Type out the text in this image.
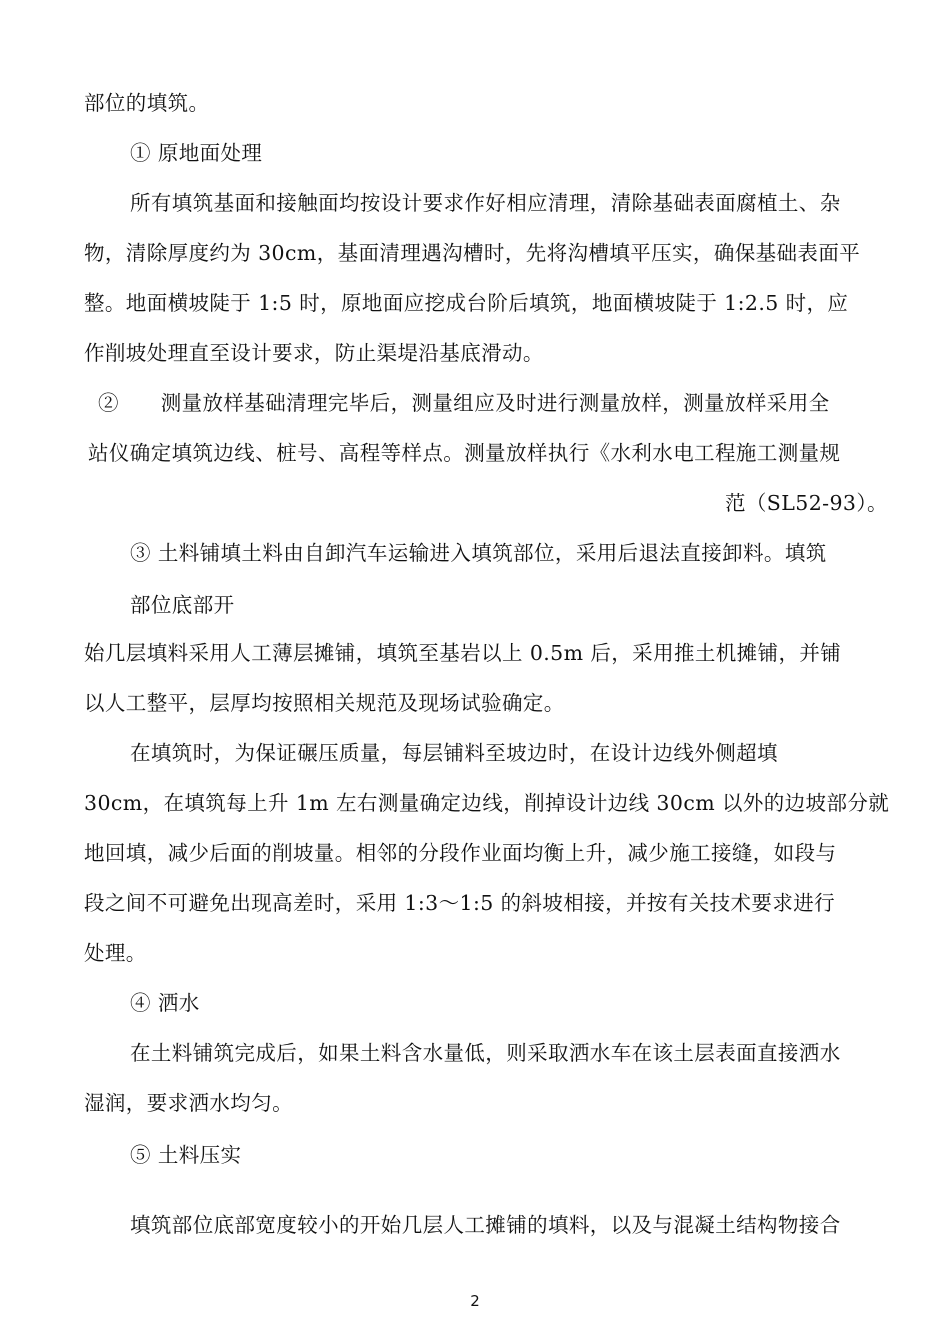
部位的填筑。
① 原地面处理
所有填筑基面和接触面均按设计要求作好相应清理，清除基础表面腐植土、杂
物，清除厚度约为 30cm，基面清理遇沟槽时，先将沟槽填平压实，确保基础表面平
整。地面横坡陡于 1:5 时，原地面应挖成台阶后填筑，地面横坡陡于 1:2.5 时，应
作削坡处理直至设计要求，防止渠堤沿基底滑动。
②　　测量放样基础清理完毕后，测量组应及时进行测量放样，测量放样采用全
站仪确定填筑边线、桩号、高程等样点。测量放样执行《水利水电工程施工测量规
范（SL52-93）。
③ 土料铺填土料由自卸汽车运输进入填筑部位，采用后退法直接卸料。填筑
部位底部开
始几层填料采用人工薄层摊铺，填筑至基岩以上 0.5m 后，采用推土机摊铺，并铺
以人工整平，层厚均按照相关规范及现场试验确定。
在填筑时，为保证碾压质量，每层铺料至坡边时，在设计边线外侧超填
30cm，在填筑每上升 1m 左右测量确定边线，削掉设计边线 30cm 以外的边坡部分就
地回填，减少后面的削坡量。相邻的分段作业面均衡上升，减少施工接缝，如段与
段之间不可避免出现高差时，采用 1:3～1:5 的斜坡相接，并按有关技术要求进行
处理。
④ 洒水
在土料铺筑完成后，如果土料含水量低，则采取洒水车在该土层表面直接洒水
湿润，要求洒水均匀。
⑤ 土料压实
填筑部位底部宽度较小的开始几层人工摊铺的填料，以及与混凝土结构物接合
2
